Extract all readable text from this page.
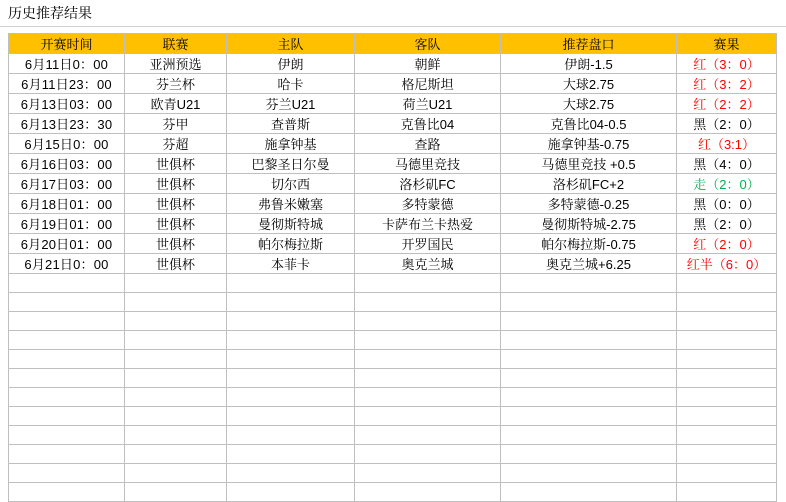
历史推荐结果
开赛时间	联赛	主队	客队	推荐盘口	赛果
6月11日0：00	亚洲预选	伊朗	朝鲜	伊朗-1.5	红（3：0）
6月11日23：00	芬兰杯	哈卡	格尼斯坦	大球2.75	红（3：2）
6月13日03：00	欧青U21	芬兰U21	荷兰U21	大球2.75	红（2：2）
6月13日23：30	芬甲	查普斯	克鲁比04	克鲁比04-0.5	黑（2：0）
6月15日0：00	芬超	施拿钟基	查路	施拿钟基-0.75	红（3:1）
6月16日03：00	世俱杯	巴黎圣日尔曼	马德里竞技	马德里竞技 +0.5	黑（4：0）
6月17日03：00	世俱杯	切尔西	洛杉矶FC	洛杉矶FC+2	走（2：0）
6月18日01：00	世俱杯	弗鲁米嫩塞	多特蒙德	多特蒙德-0.25	黑（0：0）
6月19日01：00	世俱杯	曼彻斯特城	卡萨布兰卡热爱	曼彻斯特城-2.75	黑（2：0）
6月20日01：00	世俱杯	帕尔梅拉斯	开罗国民	帕尔梅拉斯-0.75	红（2：0）
6月21日0：00	世俱杯	本菲卡	奥克兰城	奥克兰城+6.25	红半（6：0）
